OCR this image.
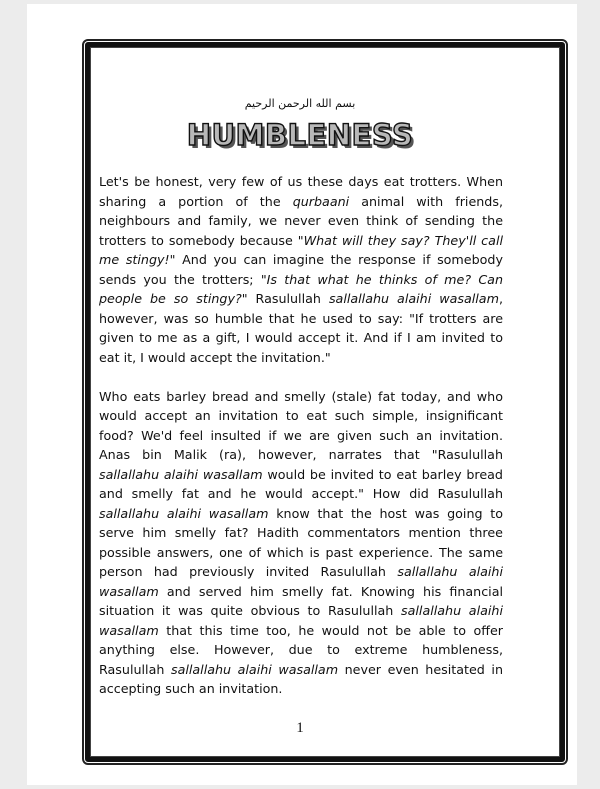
بسم الله الرحمن الرحيم
HUMBLENESS

Let's be honest, very few of us these days eat trotters. When sharing a portion of the qurbaani animal with friends, neighbours and family, we never even think of sending the trotters to somebody because "What will they say? They'll call me stingy!" And you can imagine the response if somebody sends you the trotters; "Is that what he thinks of me? Can people be so stingy?" Rasulullah sallallahu alaihi wasallam, however, was so humble that he used to say: "If trotters are given to me as a gift, I would accept it. And if I am invited to eat it, I would accept the invitation."

Who eats barley bread and smelly (stale) fat today, and who would accept an invitation to eat such simple, insignificant food? We'd feel insulted if we are given such an invitation. Anas bin Malik (ra), however, narrates that "Rasulullah sallallahu alaihi wasallam would be invited to eat barley bread and smelly fat and he would accept." How did Rasulullah sallallahu alaihi wasallam know that the host was going to serve him smelly fat? Hadith commentators mention three possible answers, one of which is past experience. The same person had previously invited Rasulullah sallallahu alaihi wasallam and served him smelly fat. Knowing his financial situation it was quite obvious to Rasulullah sallallahu alaihi wasallam that this time too, he would not be able to offer anything else. However, due to extreme humbleness, Rasulullah sallallahu alaihi wasallam never even hesitated in accepting such an invitation.

1
